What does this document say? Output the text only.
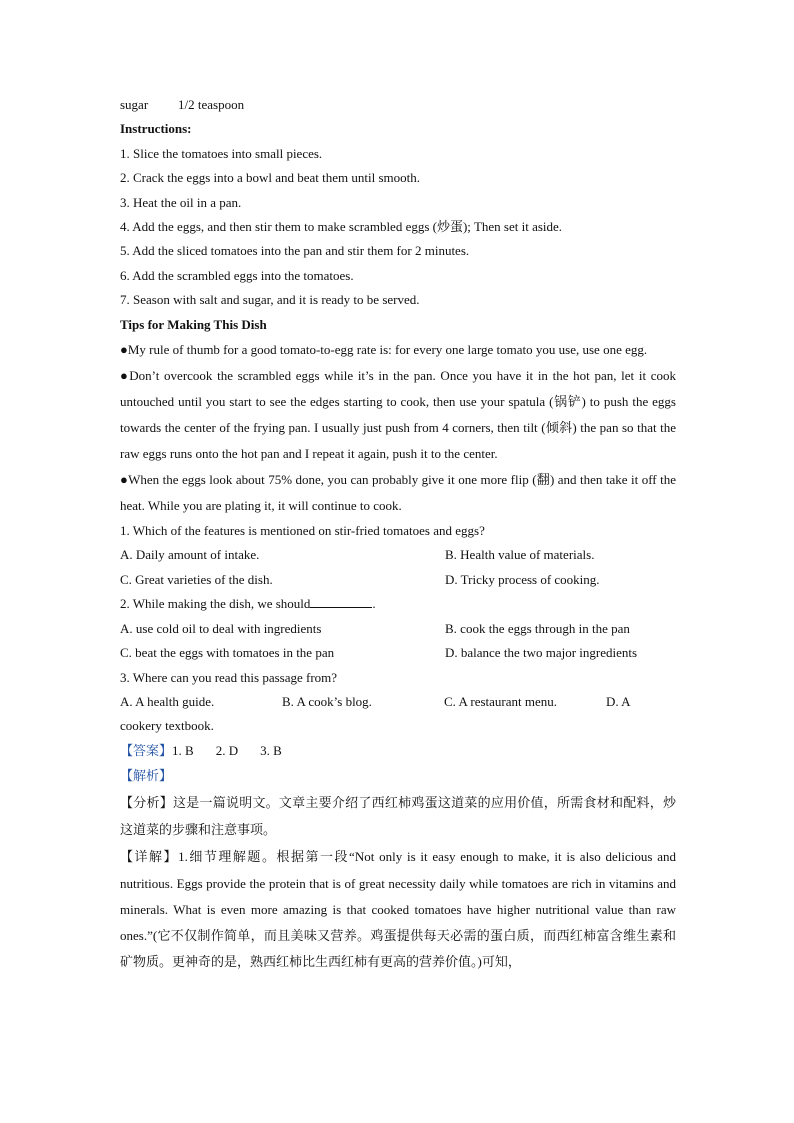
sugar 1/2 teaspoon
Instructions:
1. Slice the tomatoes into small pieces.
2. Crack the eggs into a bowl and beat them until smooth.
3. Heat the oil in a pan.
4. Add the eggs, and then stir them to make scrambled eggs (炒蛋); Then set it aside.
5. Add the sliced tomatoes into the pan and stir them for 2 minutes.
6. Add the scrambled eggs into the tomatoes.
7. Season with salt and sugar, and it is ready to be served.
Tips for Making This Dish
●My rule of thumb for a good tomato-to-egg rate is: for every one large tomato you use, use one egg.
●Don’t overcook the scrambled eggs while it’s in the pan. Once you have it in the hot pan, let it cook untouched until you start to see the edges starting to cook, then use your spatula (锅铲) to push the eggs towards the center of the frying pan. I usually just push from 4 corners, then tilt (倾斜) the pan so that the raw eggs runs onto the hot pan and I repeat it again, push it to the center.
●When the eggs look about 75% done, you can probably give it one more flip (翻) and then take it off the heat. While you are plating it, it will continue to cook.
1. Which of the features is mentioned on stir-fried tomatoes and eggs?
A. Daily amount of intake.	B. Health value of materials.
C. Great varieties of the dish.	D. Tricky process of cooking.
2. While making the dish, we should	.
A. use cold oil to deal with ingredients	B. cook the eggs through in the pan
C. beat the eggs with tomatoes in the pan	D. balance the two major ingredients
3. Where can you read this passage from?
A. A health guide.	B. A cook’s blog.	C. A restaurant menu.	D. A
cookery textbook.
【答案】1. B 2. D 3. B
【解析】
【分析】这是一篇说明文。文章主要介绍了西红柿鸡蛋这道菜的应用价值，所需食材和配料，炒这道菜的步骤和注意事项。
【详解】1.细节理解题。根据第一段“Not only is it easy enough to make, it is also delicious and nutritious. Eggs provide the protein that is of great necessity daily while tomatoes are rich in vitamins and minerals. What is even more amazing is that cooked tomatoes have higher nutritional value than raw ones.”(它不仅制作简单，而且美味又营养。鸡蛋提供每天必需的蛋白质，而西红柿富含维生素和矿物质。更神奇的是，熟西红柿比生西红柿有更高的营养价值。)可知，
